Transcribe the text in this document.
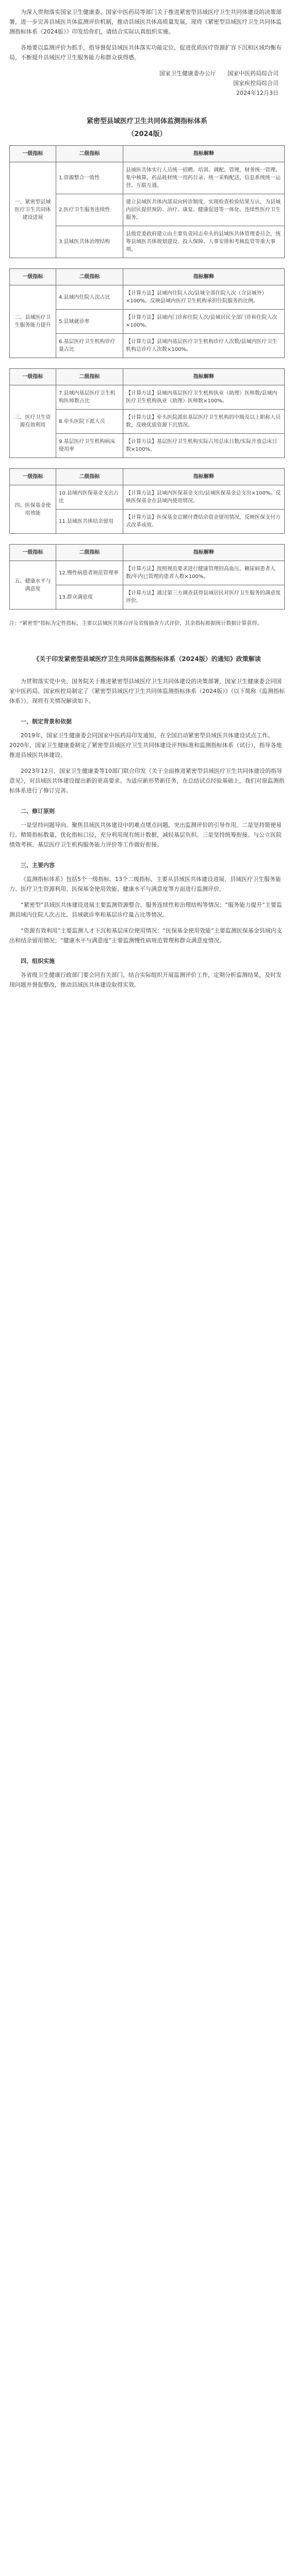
为深入贯彻落实国家卫生健康委、国家中医药局等部门关于推进紧密型县域医疗卫生共同体建设的决策部署，进一步完善县域医共体监测评价机制，推动县域医共体高质量发展，现将《紧密型县域医疗卫生共同体监测指标体系（2024版）》印发给你们，请结合实际认真组织实施。

各地要以监测评价为抓手，指导督促县域医共体落实功能定位，促进优质医疗资源扩容下沉和区域均衡布局，不断提升县域医疗卫生服务能力和群众获得感。

国家卫生健康委办公厅　　国家中医药局综合司
国家疾控局综合司
2024年12月3日
紧密型县域医疗卫生共同体监测指标体系
（2024版）
一级指标	二级指标	指标解释
一、紧密型县域医疗卫生共同体建设进展	1.资源整合一致性	县域医共体实行人员统一招聘、培训、调配、管理，财务统一管理、集中核算，药品耗材统一用药目录、统一采购配送，信息系统统一运营、互联互通。
	2.医疗卫生服务连续性	建立县域医共体内部双向转诊制度，实现检查检验结果互认，为县域内居民提供预防、治疗、康复、健康促进等一体化、连续性医疗卫生服务。
	3.县域医共体治理结构	县级党委政府建立由主要负责同志牵头的县域医共体管理委员会，统筹县域医共体规划建设、投入保障、人事安排和考核监管等重大事项。
一级指标	二级指标	指标解释
二、县域医疗卫生服务能力提升	4.县域内住院人次占比	【计算方法】县域内住院人次/县域全部住院人次（含县域外）×100%。反映县域内医疗卫生机构承担住院服务的比例。
	5.县域就诊率	【计算方法】县域内门诊和住院人次/县域居民全部门诊和住院人次×100%。
	6.基层医疗卫生机构诊疗量占比	【计算方法】县域内基层医疗卫生机构诊疗人次数/县域内医疗卫生机构总诊疗人次数×100%。
一级指标	二级指标	指标解释
三、医疗卫生资源有效利用	7.县域内基层医疗卫生机构医师数占比	【计算方法】县域内基层医疗卫生机构执业（助理）医师数/县域内医疗卫生机构执业（助理）医师数×100%。
	8.牵头医院下派人员	【计算方法】牵头医院派驻基层医疗卫生机构的中级及以上职称人员数，反映优质资源下沉情况。
	9.基层医疗卫生机构病床使用率	【计算方法】基层医疗卫生机构实际占用总床日数/实际开放总床日数×100%。
一级指标	二级指标	指标解释
四、医保基金使用效能	10.县域内医保基金支出占比	【计算方法】县域内医保基金支出/县域医保基金总支出×100%。反映医保基金在县域内使用情况。
	11.县域医共体结余留用	【计算方法】医保基金总额付费结余资金留用情况，反映医保支付方式改革成效。
一级指标	二级指标	指标解释
五、健康水平与满意度	12.慢性病患者规范管理率	【计算方法】按照规范要求进行健康管理的高血压、糖尿病患者人数/年内已管理的患者人数×100%。
	13.群众满意度	【计算方法】通过第三方调查获得县域居民对医疗卫生服务的满意度评价。

注：“紧密型”指标为定性指标，主要以县域医共体自评及省级抽查方式评价，其余指标根据统计数据计算获得。

《关于印发紧密型县域医疗卫生共同体监测指标体系（2024版）的通知》政策解读

为贯彻落实党中央、国务院关于推进紧密型县域医疗卫生共同体建设的决策部署，国家卫生健康委会同国家中医药局、国家疾控局制定了《紧密型县域医疗卫生共同体监测指标体系（2024版）》（以下简称《监测指标体系》）。现将有关情况解读如下。

一、制定背景和依据

2019年，国家卫生健康委会同国家中医药局印发通知，在全国启动紧密型县域医共体建设试点工作。2020年，国家卫生健康委制定了紧密型县域医疗卫生共同体建设评判标准和监测指标体系（试行），指导各地推进县域医共体建设。

2023年12月，国家卫生健康委等10部门联合印发《关于全面推进紧密型县域医疗卫生共同体建设的指导意见》，对县域医共体建设提出新的更高要求。为适应新形势新任务，在总结试点经验基础上，我们对原监测指标体系进行了修订完善。

二、修订原则

一是坚持问题导向。聚焦县域医共体建设中的难点堵点问题，突出监测评价的引导作用。二是坚持简便易行。精简指标数量，优化指标口径，充分利用现有统计数据，减轻基层负担。三是坚持统筹衔接。与公立医院绩效考核、基层医疗卫生机构服务能力评价等工作做好衔接。

三、主要内容

《监测指标体系》包括5个一级指标、13个二级指标，主要从县域医共体建设进展、县域医疗卫生服务能力、医疗卫生资源利用、医保基金使用效能、健康水平与满意度等方面进行监测评价。

“紧密型”县域医共体建设进展主要监测资源整合、服务连续性和治理结构等情况；“服务能力提升”主要监测县域内住院人次占比、县域就诊率和基层诊疗量占比等情况。

“资源有效利用”主要监测人才下沉和基层床位使用情况；“医保基金使用效能”主要监测医保基金县域内支出和结余留用情况；“健康水平与满意度”主要监测慢性病规范管理和群众满意度情况。

四、组织实施

各省级卫生健康行政部门要会同有关部门，结合实际组织开展监测评价工作，定期分析监测结果，及时发现问题并督促整改，推动县域医共体建设取得实效。
